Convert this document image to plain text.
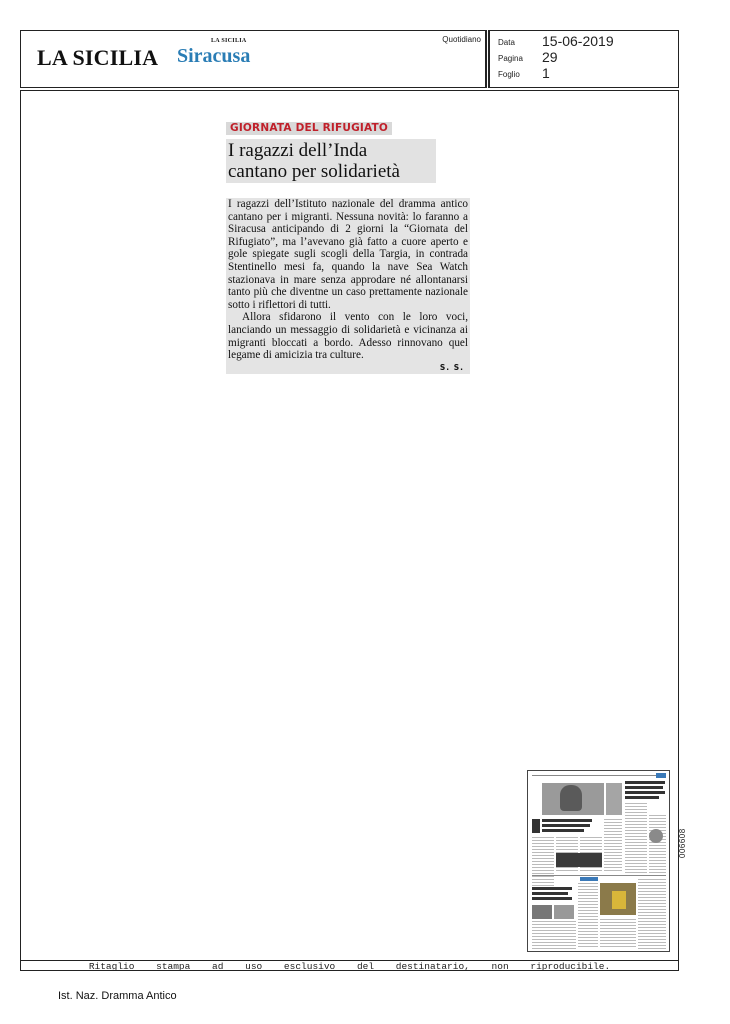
LA SICILIA
LA SICILIA
Siracusa
Quotidiano Data 15-06-2019
Pagina 29
Foglio 1
GIORNATA DEL RIFUGIATO
I ragazzi dell’Inda
cantano per solidarietà

I ragazzi dell’Istituto nazionale del dramma antico cantano per i migranti. Nessuna novità: lo faranno a Siracusa anticipando di 2 giorni la “Giornata del Rifugiato”, ma l’avevano già fatto a cuore aperto e gole spiegate sugli scogli della Targia, in contrada Stentinello mesi fa, quando la nave Sea Watch stazionava in mare senza approdare né allontanarsi tanto più che diventne un caso prettamente nazionale sotto i riflettori di tutti.

Allora sfidarono il vento con le loro voci, lanciando un messaggio di solidarietà e vicinanza ai migranti bloccati a bordo. Adesso rinnovano quel legame di amicizia tra culture.

S. S.
006608
Ritaglio stampa ad uso esclusivo del destinatario, non riproducibile.
Ist. Naz. Dramma Antico
